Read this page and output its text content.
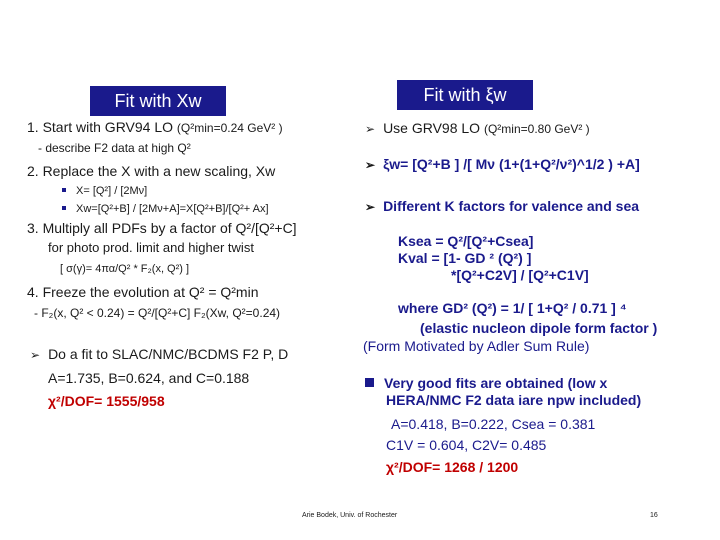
Fit with Xw	Fit with ξw
1. Start with GRV94 LO (Q²min=0.24 GeV² )
- describe F2 data at high Q²
2. Replace the X with a new scaling, Xw
X= [Q²] / [2Mν]
Xw=[Q²+B] / [2Mν+A]=X[Q²+B]/[Q²+ Ax]
3. Multiply all PDFs by a factor of Q²/[Q²+C]
for photo prod. limit and higher twist
[ σ(γ)= 4πα/Q² * F₂(x, Q²) ]
4. Freeze the evolution at Q² = Q²min
- F₂(x, Q² < 0.24) = Q²/[Q²+C] F₂(Xw, Q²=0.24)
➢ Do a fit to SLAC/NMC/BCDMS F2 P, D
A=1.735, B=0.624, and C=0.188
χ²/DOF= 1555/958
➢ Use GRV98 LO (Q²min=0.80 GeV² )
➢ ξw= [Q²+B ] /[ Mν (1+(1+Q²/ν²)^1/2 ) +A]
➢ Different K factors for valence and sea
Ksea = Q²/[Q²+Csea]
Kval = [1- GD ² (Q²) ]
*[Q²+C2V] / [Q²+C1V]
where GD² (Q²) = 1/ [ 1+Q² / 0.71 ] ⁴
(elastic nucleon dipole form factor )
(Form Motivated by Adler Sum Rule)
Very good fits are obtained (low x
HERA/NMC F2 data iare npw included)
A=0.418, B=0.222, Csea = 0.381
C1V = 0.604, C2V= 0.485
χ²/DOF= 1268 / 1200
Arie Bodek, Univ. of Rochester	16
